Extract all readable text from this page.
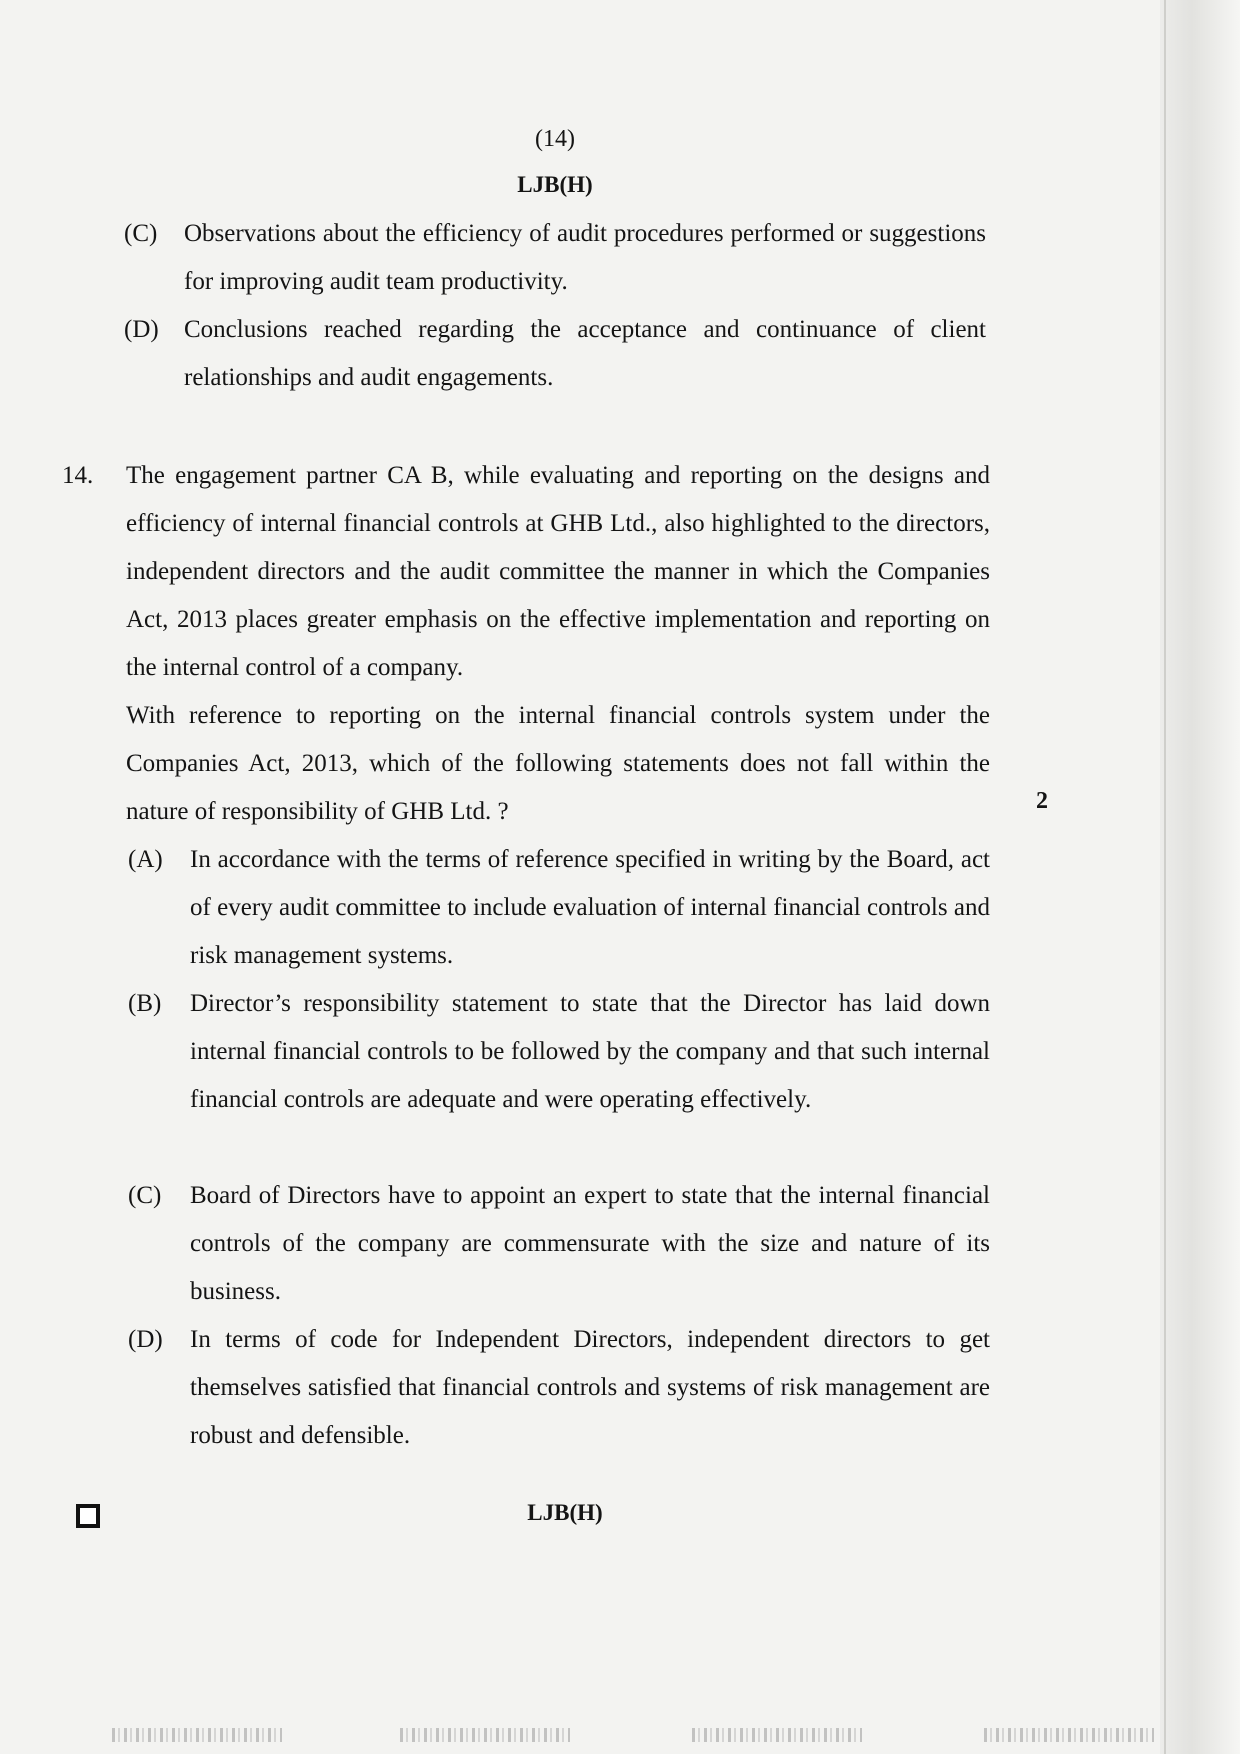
(14)
LJB(H)
(C) Observations about the efficiency of audit procedures performed or suggestions for improving audit team productivity.
(D) Conclusions reached regarding the acceptance and continuance of client relationships and audit engagements.
14. The engagement partner CA B, while evaluating and reporting on the designs and efficiency of internal financial controls at GHB Ltd., also highlighted to the directors, independent directors and the audit committee the manner in which the Companies Act, 2013 places greater emphasis on the effective implementation and reporting on the internal control of a company.

With reference to reporting on the internal financial controls system under the Companies Act, 2013, which of the following statements does not fall within the nature of responsibility of GHB Ltd. ?	2
(A) In accordance with the terms of reference specified in writing by the Board, act of every audit committee to include evaluation of internal financial controls and risk management systems.
(B) Director’s responsibility statement to state that the Director has laid down internal financial controls to be followed by the company and that such internal financial controls are adequate and were operating effectively.
(C) Board of Directors have to appoint an expert to state that the internal financial controls of the company are commensurate with the size and nature of its business.
(D) In terms of code for Independent Directors, independent directors to get themselves satisfied that financial controls and systems of risk management are robust and defensible.
LJB(H)
